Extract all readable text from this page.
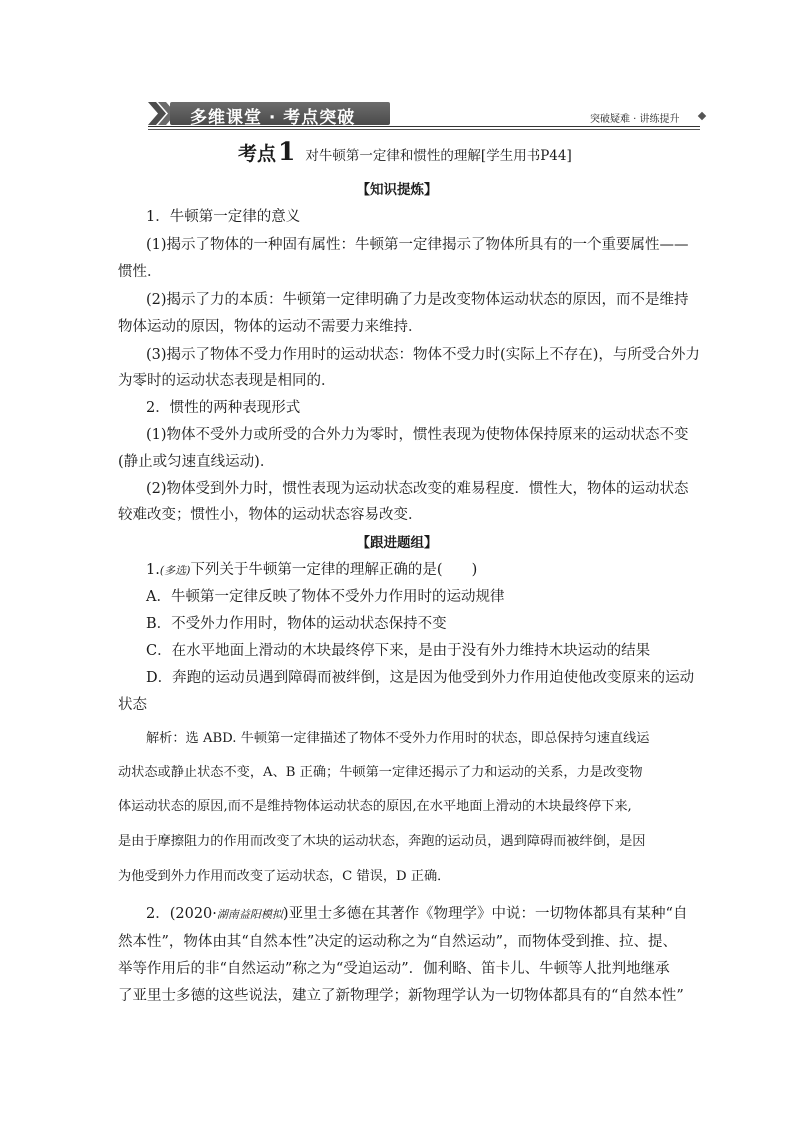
多维课堂 · 考点突破	突破疑难 · 讲练提升
考点1 对牛顿第一定律和惯性的理解[学生用书P44]
【知识提炼】
1．牛顿第一定律的意义
(1)揭示了物体的一种固有属性：牛顿第一定律揭示了物体所具有的一个重要属性——
惯性．
(2)揭示了力的本质：牛顿第一定律明确了力是改变物体运动状态的原因，而不是维持
物体运动的原因，物体的运动不需要力来维持．
(3)揭示了物体不受力作用时的运动状态：物体不受力时(实际上不存在)，与所受合外力
为零时的运动状态表现是相同的．
2．惯性的两种表现形式
(1)物体不受外力或所受的合外力为零时，惯性表现为使物体保持原来的运动状态不变
(静止或匀速直线运动)．
(2)物体受到外力时，惯性表现为运动状态改变的难易程度．惯性大，物体的运动状态
较难改变；惯性小，物体的运动状态容易改变．
【跟进题组】
1.(多选)下列关于牛顿第一定律的理解正确的是(　　)
A．牛顿第一定律反映了物体不受外力作用时的运动规律
B．不受外力作用时，物体的运动状态保持不变
C．在水平地面上滑动的木块最终停下来，是由于没有外力维持木块运动的结果
D．奔跑的运动员遇到障碍而被绊倒，这是因为他受到外力作用迫使他改变原来的运动
状态
解析：选 ABD. 牛顿第一定律描述了物体不受外力作用时的状态，即总保持匀速直线运
动状态或静止状态不变，A、B 正确；牛顿第一定律还揭示了力和运动的关系，力是改变物
体运动状态的原因,而不是维持物体运动状态的原因,在水平地面上滑动的木块最终停下来,
是由于摩擦阻力的作用而改变了木块的运动状态，奔跑的运动员，遇到障碍而被绊倒，是因
为他受到外力作用而改变了运动状态，C 错误，D 正确．
2．(2020·湖南益阳模拟)亚里士多德在其著作《物理学》中说：一切物体都具有某种“自
然本性”，物体由其“自然本性”决定的运动称之为“自然运动”，而物体受到推、拉、提、
举等作用后的非“自然运动”称之为“受迫运动”．伽利略、笛卡儿、牛顿等人批判地继承
了亚里士多德的这些说法，建立了新物理学；新物理学认为一切物体都具有的“自然本性”
